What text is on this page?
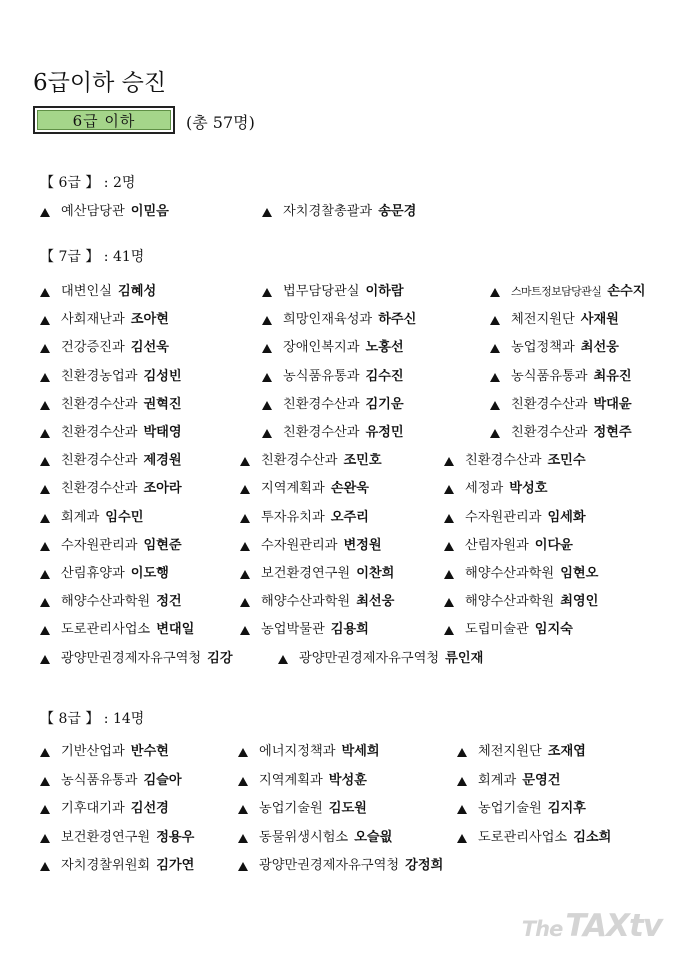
6급이하 승진
6급 이하	(총 57명)
【 6급 】 : 2명
예산담당관 이믿음	자치경찰총괄과 송문경
【 7급 】 : 41명
대변인실 김혜성	법무담당관실 이하람	스마트정보담당관실 손수지
사회재난과 조아현	희망인재육성과 하주신	체전지원단 사재원
건강증진과 김선욱	장애인복지과 노홍선	농업정책과 최선웅
친환경농업과 김성빈	농식품유통과 김수진	농식품유통과 최유진
친환경수산과 권혁진	친환경수산과 김기운	친환경수산과 박대윤
친환경수산과 박태영	친환경수산과 유정민	친환경수산과 정현주
친환경수산과 제경원	친환경수산과 조민호	친환경수산과 조민수
친환경수산과 조아라	지역계획과 손완욱	세정과 박성호
회계과 임수민	투자유치과 오주리	수자원관리과 임세화
수자원관리과 임현준	수자원관리과 변정원	산림자원과 이다윤
산림휴양과 이도행	보건환경연구원 이찬희	해양수산과학원 임현오
해양수산과학원 정건	해양수산과학원 최선웅	해양수산과학원 최영인
도로관리사업소 변대일	농업박물관 김용희	도립미술관 임지숙
광양만권경제자유구역청 김강	광양만권경제자유구역청 류인재
【 8급 】 : 14명
기반산업과 반수현	에너지정책과 박세희	체전지원단 조재엽
농식품유통과 김슬아	지역계획과 박성훈	회계과 문영건
기후대기과 김선경	농업기술원 김도원	농업기술원 김지후
보건환경연구원 정용우	동물위생시험소 오슬읪	도로관리사업소 김소희
자치경찰위원회 김가연	광양만권경제자유구역청 강정희
The TAXtv
